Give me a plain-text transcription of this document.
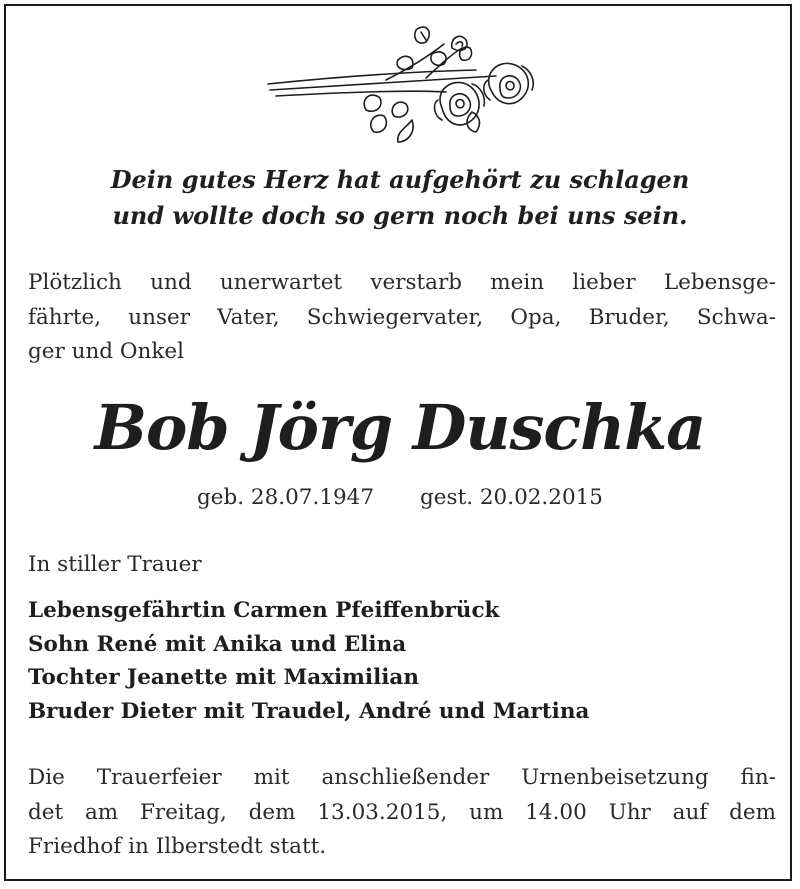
Dein gutes Herz hat aufgehört zu schlagen
und wollte doch so gern noch bei uns sein.
Plötzlich und unerwartet verstarb mein lieber Lebensge-
fährte, unser Vater, Schwiegervater, Opa, Bruder, Schwa-
ger und Onkel
Bob Jörg Duschka
geb. 28.07.1947 gest. 20.02.2015
In stiller Trauer
Lebensgefährtin Carmen Pfeiffenbrück
Sohn René mit Anika und Elina
Tochter Jeanette mit Maximilian
Bruder Dieter mit Traudel, André und Martina
Die Trauerfeier mit anschließender Urnenbeisetzung fin-
det am Freitag, dem 13.03.2015, um 14.00 Uhr auf dem
Friedhof in Ilberstedt statt.
